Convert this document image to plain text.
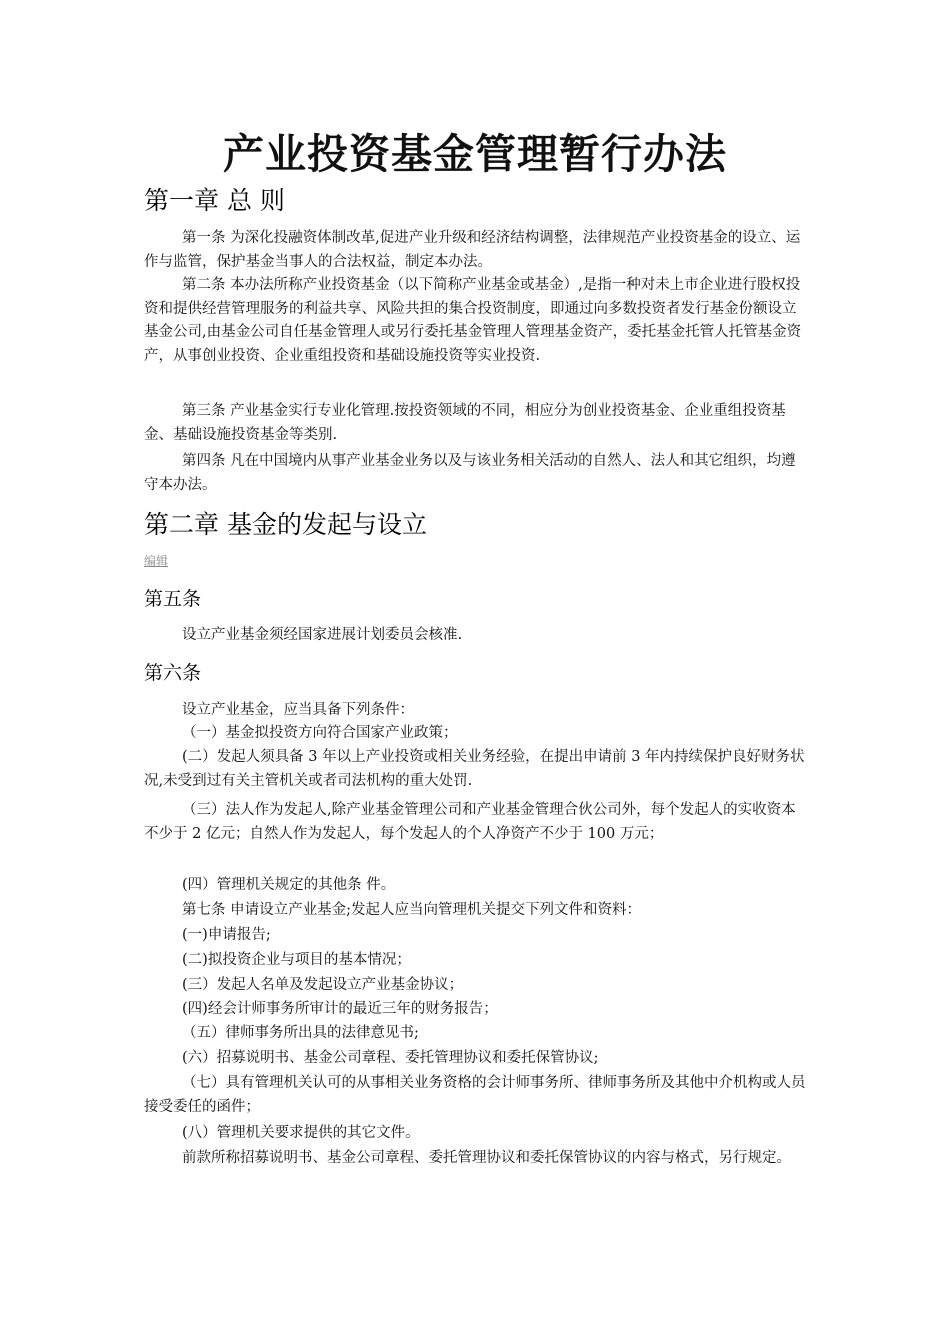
产业投资基金管理暂行办法
第一章 总 则

第一条 为深化投融资体制改革,促进产业升级和经济结构调整，法律规范产业投资基金的设立、运作与监管，保护基金当事人的合法权益，制定本办法。

第二条 本办法所称产业投资基金（以下简称产业基金或基金）,是指一种对未上市企业进行股权投资和提供经营管理服务的利益共享、风险共担的集合投资制度，即通过向多数投资者发行基金份额设立基金公司,由基金公司自任基金管理人或另行委托基金管理人管理基金资产，委托基金托管人托管基金资产，从事创业投资、企业重组投资和基础设施投资等实业投资.

第三条 产业基金实行专业化管理.按投资领域的不同，相应分为创业投资基金、企业重组投资基金、基础设施投资基金等类别.

第四条 凡在中国境内从事产业基金业务以及与该业务相关活动的自然人、法人和其它组织，均遵守本办法。

第二章 基金的发起与设立
编辑
第五条

设立产业基金须经国家进展计划委员会核准.

第六条

设立产业基金，应当具备下列条件：

（一）基金拟投资方向符合国家产业政策；

(二）发起人须具备 3 年以上产业投资或相关业务经验，在提出申请前 3 年内持续保护良好财务状况,未受到过有关主管机关或者司法机构的重大处罚.

（三）法人作为发起人,除产业基金管理公司和产业基金管理合伙公司外，每个发起人的实收资本不少于 2 亿元；自然人作为发起人，每个发起人的个人净资产不少于 100 万元；

(四）管理机关规定的其他条 件。

第七条 申请设立产业基金;发起人应当向管理机关提交下列文件和资料：

(一)申请报告;

(二)拟投资企业与项目的基本情况；

(三）发起人名单及发起设立产业基金协议；

(四)经会计师事务所审计的最近三年的财务报告；

（五）律师事务所出具的法律意见书;

(六）招募说明书、基金公司章程、委托管理协议和委托保管协议;

（七）具有管理机关认可的从事相关业务资格的会计师事务所、律师事务所及其他中介机构或人员接受委任的函件；

(八）管理机关要求提供的其它文件。

前款所称招募说明书、基金公司章程、委托管理协议和委托保管协议的内容与格式，另行规定。
